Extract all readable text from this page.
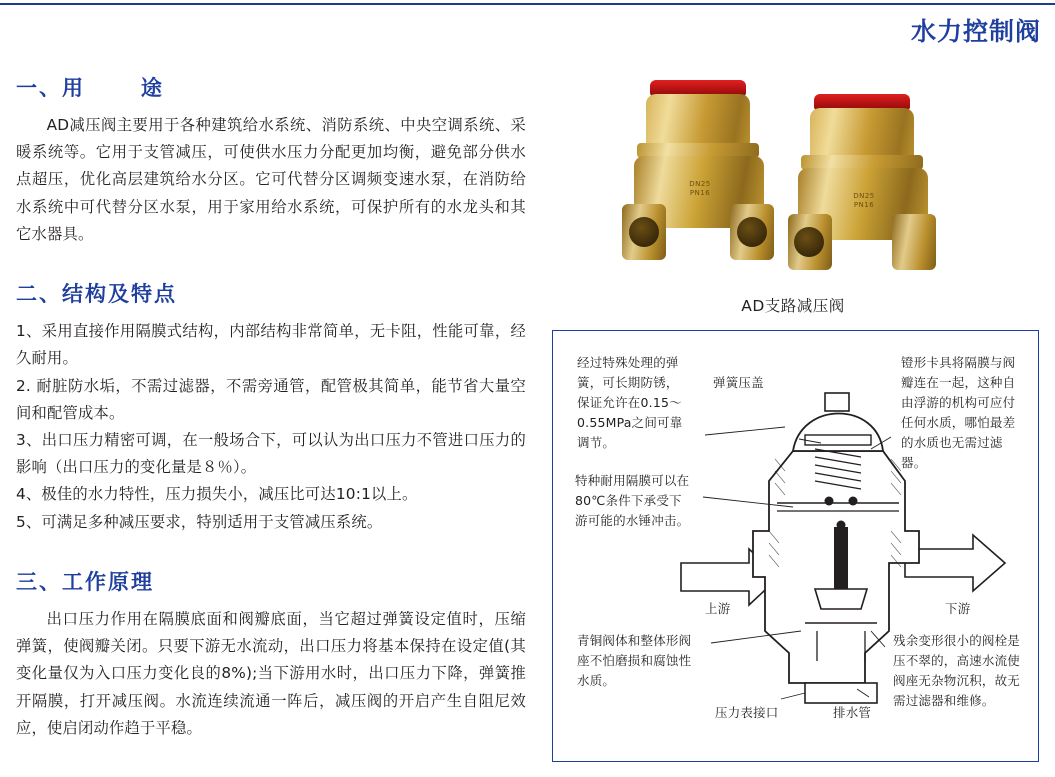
水力控制阀
一、用      途

AD减压阀主要用于各种建筑给水系统、消防系统、中央空调系统、采暖系统等。它用于支管减压，可使供水压力分配更加均衡，避免部分供水点超压，优化高层建筑给水分区。它可代替分区调频变速水泵，在消防给水系统中可代替分区水泵，用于家用给水系统，可保护所有的水龙头和其它水器具。

二、结构及特点

1、采用直接作用隔膜式结构，内部结构非常简单，无卡阻，性能可靠，经久耐用。

2. 耐脏防水垢，不需过滤器，不需旁通管，配管极其简单，能节省大量空间和配管成本。

3、出口压力精密可调，在一般场合下，可以认为出口压力不管进口压力的影响（出口压力的变化量是８％）。

4、极佳的水力特性，压力损失小，减压比可达10:1以上。

5、可满足多种减压要求，特别适用于支管减压系统。

三、工作原理

出口压力作用在隔膜底面和阀瓣底面，当它超过弹簧设定值时，压缩弹簧，使阀瓣关闭。只要下游无水流动，出口压力将基本保持在设定值(其变化量仅为入口压力变化良的8%);当下游用水时，出口压力下降，弹簧推开隔膜，打开减压阀。水流连续流通一阵后，减压阀的开启产生自阻尼效应，使启闭动作趋于平稳。

DN25
PN16	DN25
PN16
AD支路减压阀
经过特殊处理的弹簧，可长期防锈，保证允许在0.15～0.55MPa之间可靠调节。
特种耐用隔膜可以在80℃条件下承受下游可能的水锤冲击。
镫形卡具将隔膜与阀瓣连在一起，这种自由浮游的机构可应付任何水质，哪怕最差的水质也无需过滤器。
青铜阀体和整体形阀座不怕磨损和腐蚀性水质。
残余变形很小的阀栓是压不翠的，高速水流使阀座无杂物沉积，故无需过滤器和维修。
弹簧压盖
上游	下游
压力表接口	排水管
